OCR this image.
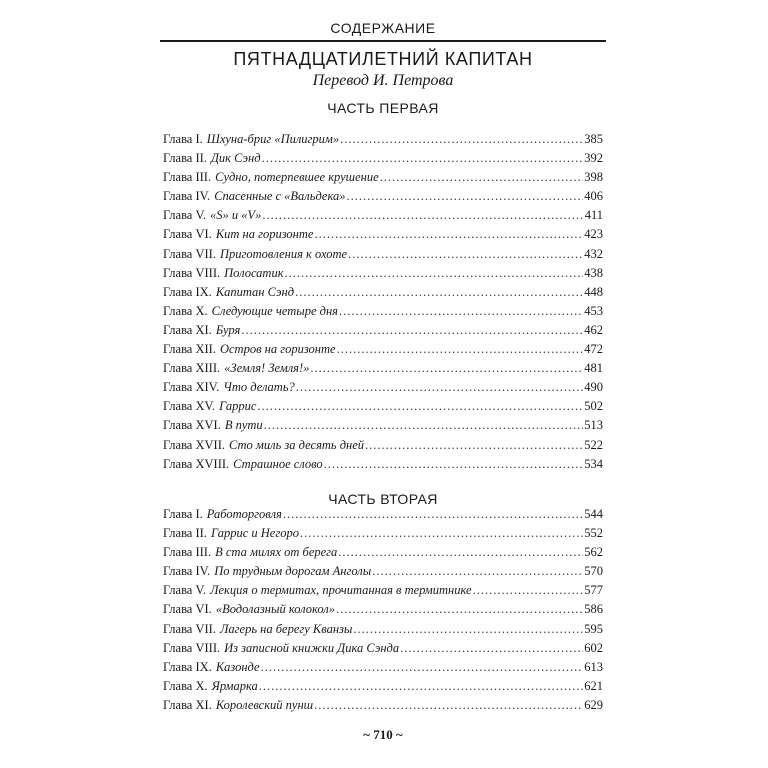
СОДЕРЖАНИЕ
ПЯТНАДЦАТИЛЕТНИЙ КАПИТАН
Перевод И. Петрова
ЧАСТЬ ПЕРВАЯ
Глава I. Шхуна-бриг «Пилигрим» .....	385
Глава II. Дик Сэнд .....	392
Глава III. Судно, потерпевшее крушение .....	398
Глава IV. Спасенные с «Вальдека» .....	406
Глава V. «S» и «V» .....	411
Глава VI. Кит на горизонте .....	423
Глава VII. Приготовления к охоте .....	432
Глава VIII. Полосатик .....	438
Глава IX. Капитан Сэнд .....	448
Глава X. Следующие четыре дня .....	453
Глава XI. Буря .....	462
Глава XII. Остров на горизонте .....	472
Глава XIII. «Земля! Земля!» .....	481
Глава XIV. Что делать? .....	490
Глава XV. Гаррис .....	502
Глава XVI. В пути .....	513
Глава XVII. Сто миль за десять дней .....	522
Глава XVIII. Страшное слово .....	534
ЧАСТЬ ВТОРАЯ
Глава I. Работорговля .....	544
Глава II. Гаррис и Негоро .....	552
Глава III. В ста милях от берега .....	562
Глава IV. По трудным дорогам Анголы .....	570
Глава V. Лекция о термитах, прочитанная в термитнике .....	577
Глава VI. «Водолазный колокол» .....	586
Глава VII. Лагерь на берегу Кванзы .....	595
Глава VIII. Из записной книжки Дика Сэнда .....	602
Глава IX. Казонде .....	613
Глава X. Ярмарка .....	621
Глава XI. Королевский пунш .....	629
~ 710 ~
